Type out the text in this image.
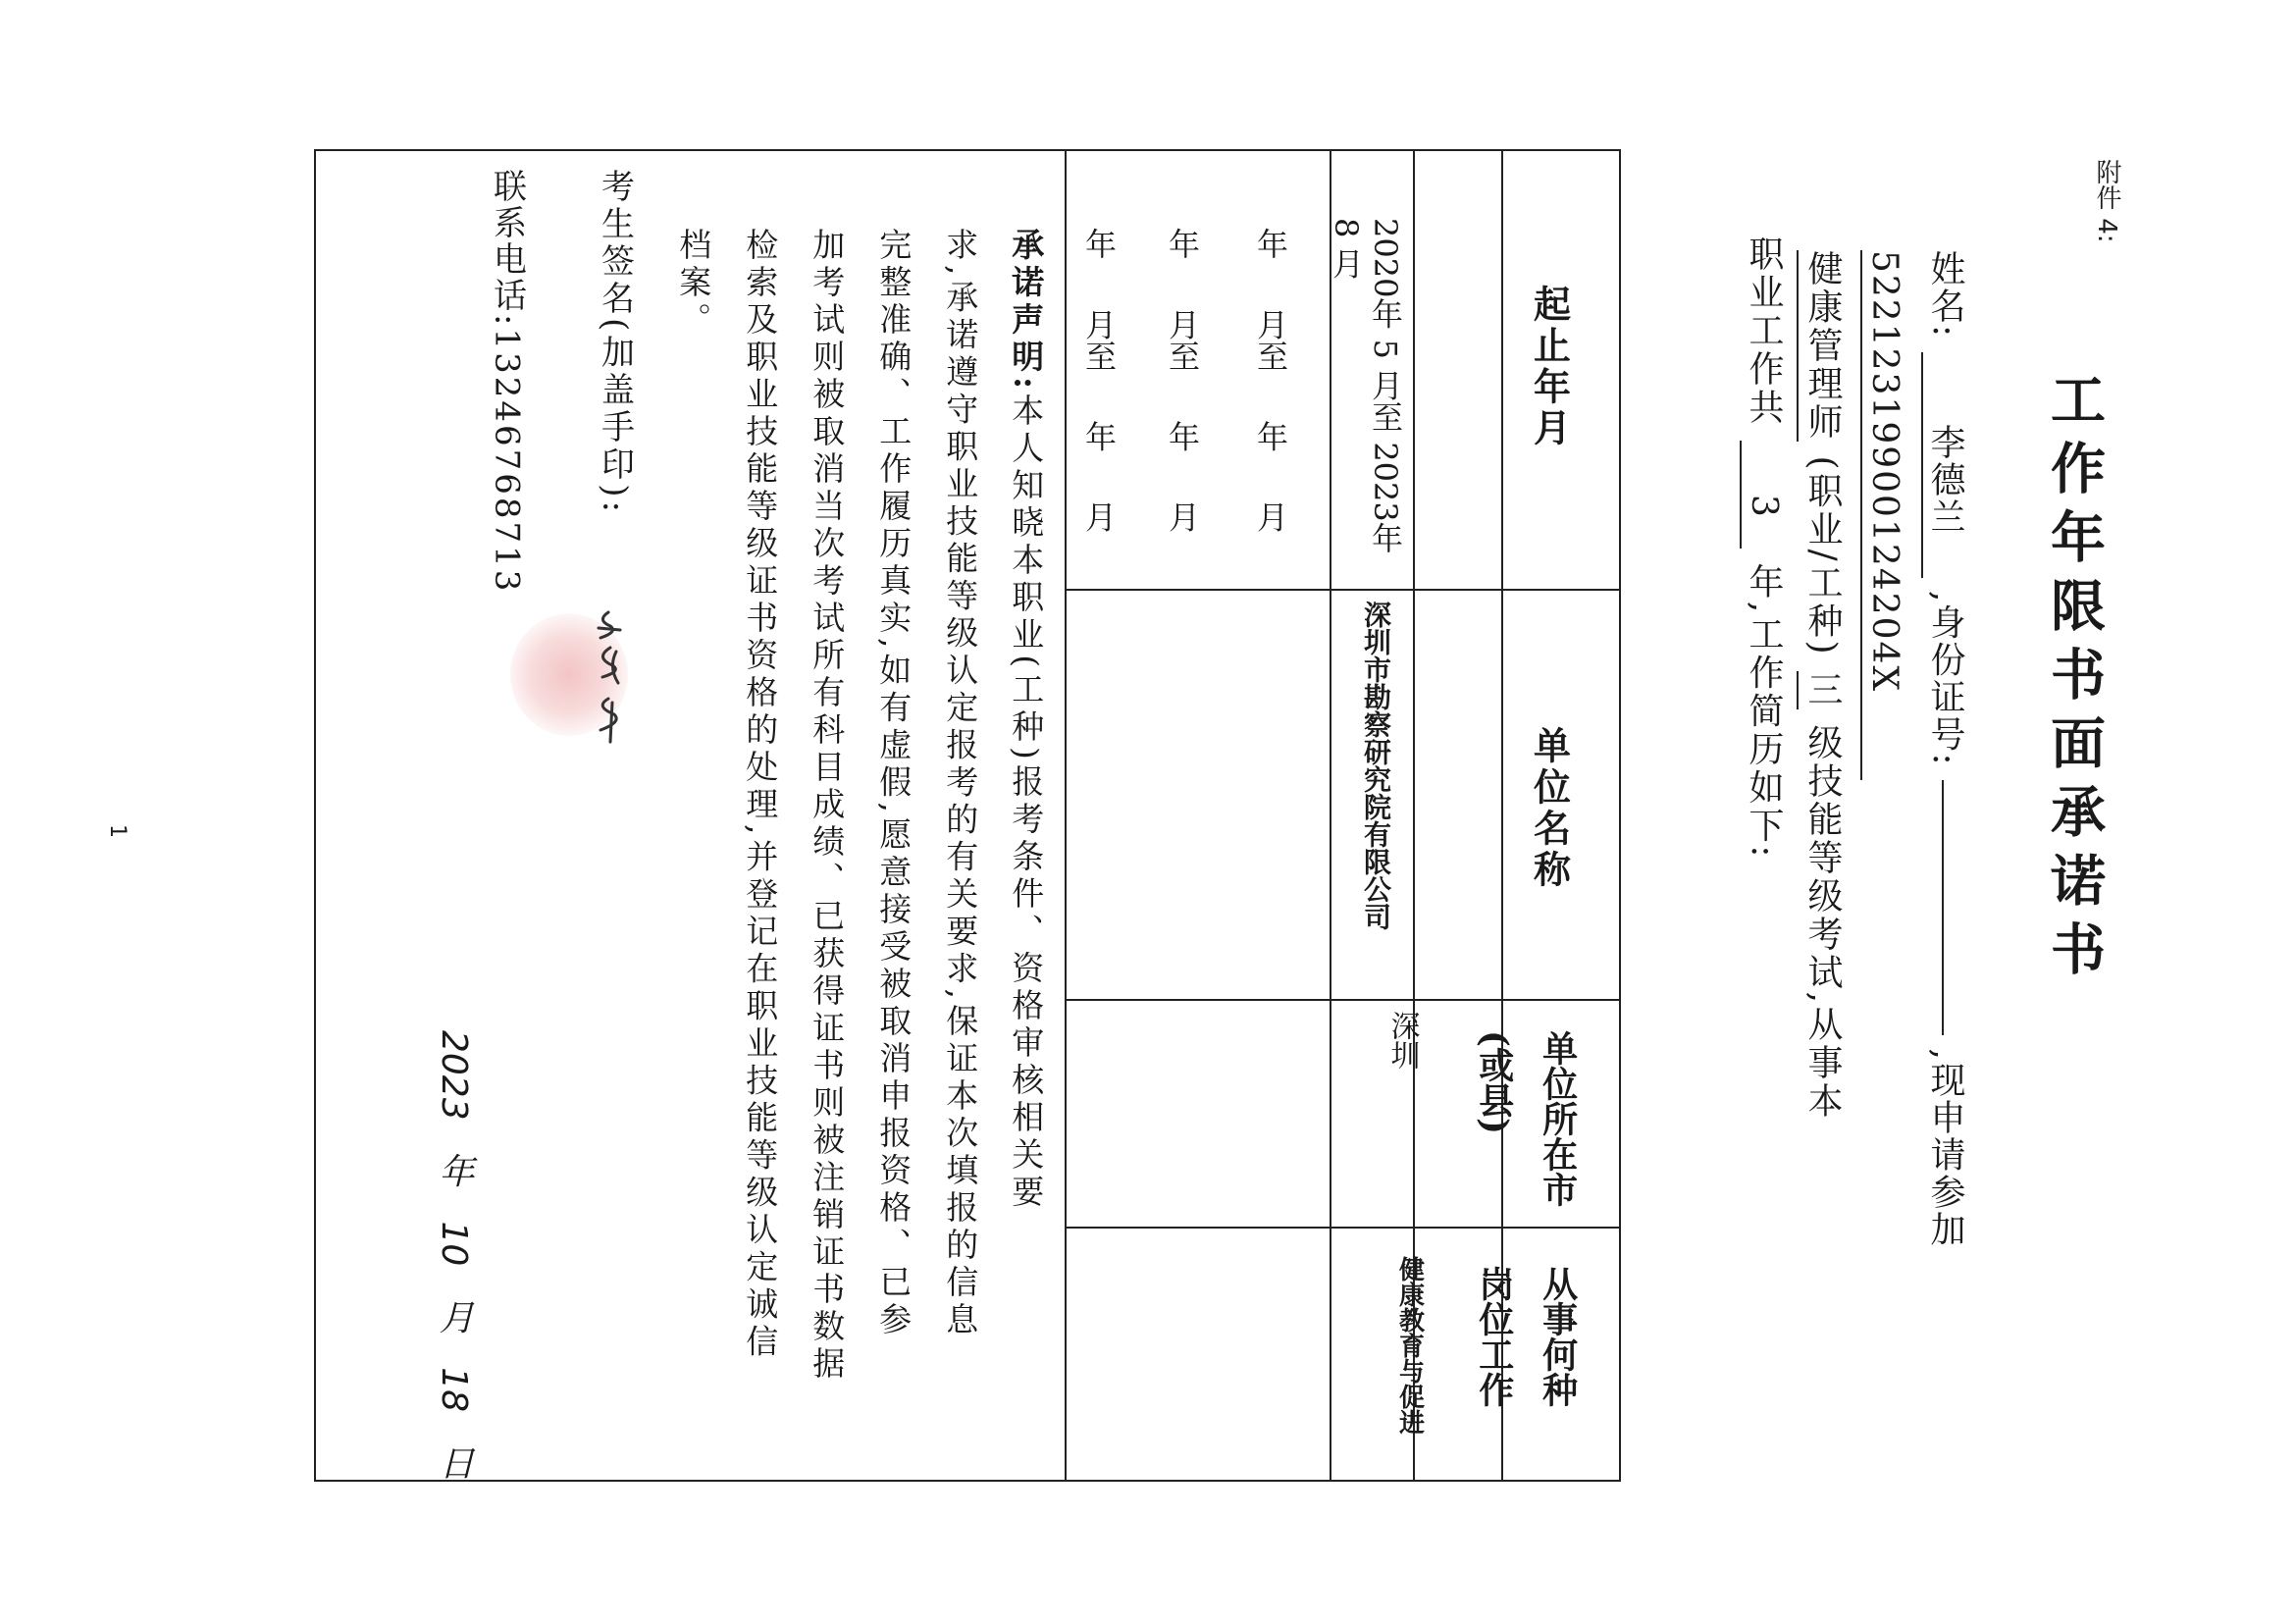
附件 4:
工作年限书面承诺书
姓名: 李德兰 ,身份证号:  ,现申请参加
52212319900124204X
健康管理师 (职业/工种) 三 级技能等级考试,从事本
职业工作共 3 年,工作简历如下:
起止年月
单位名称
单位所在市
(或县)
从事何种
岗位工作
2020年 5 月至 2023年 8 月
深圳市勘察研究院有限公司
深圳
健康教育与促进
年 月至 年 月
年 月至 年 月
年 月至 年 月
承诺声明:本人知晓本职业(工种)报考条件、资格审核相关要
求,承诺遵守职业技能等级认定报考的有关要求,保证本次填报的信息
完整准确、工作履历真实,如有虚假,愿意接受被取消申报资格、已参
加考试则被取消当次考试所有科目成绩、已获得证书则被注销证书数据
检索及职业技能等级证书资格的处理,并登记在职业技能等级认定诚信
档案。
考生签名(加盖手印):
联系电话:13246768713
2023 年 10 月 18 日
1
